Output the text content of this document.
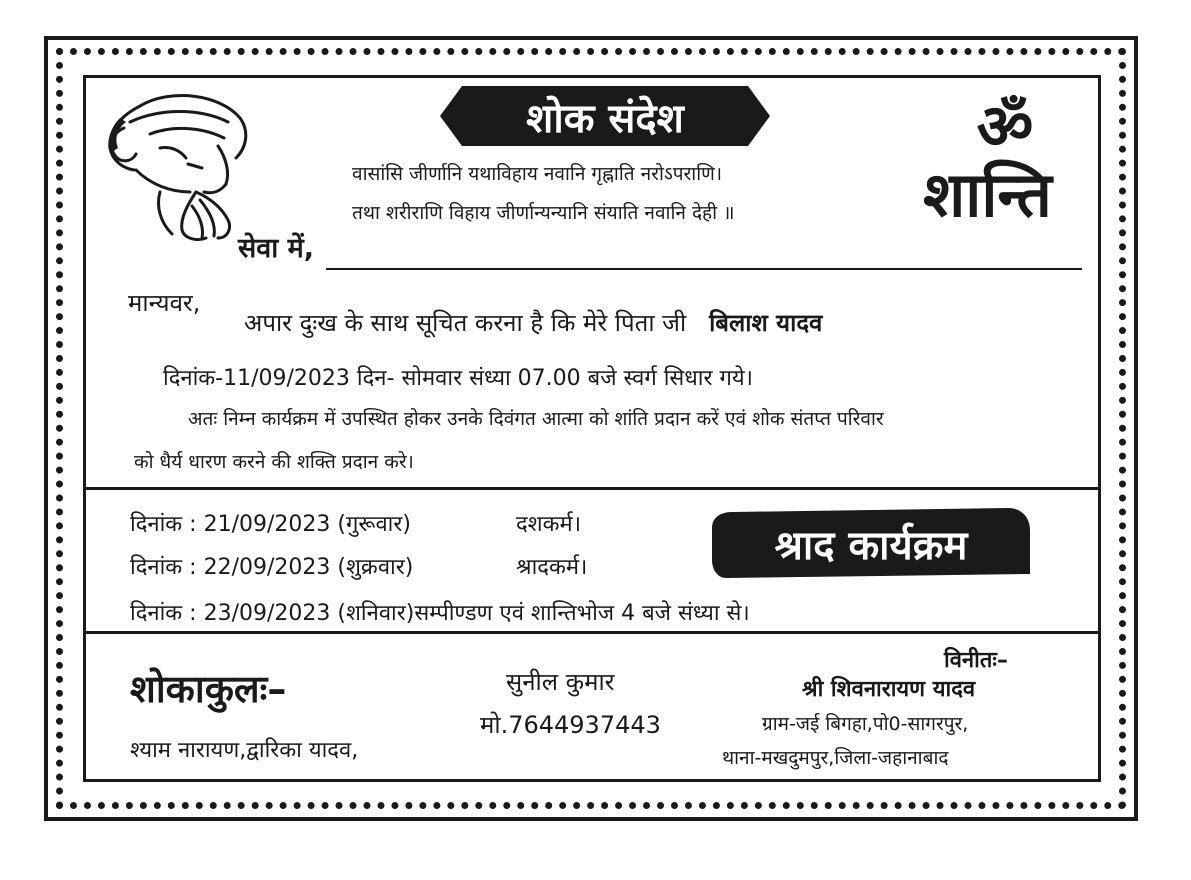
शोक संदेश
वासांसि जीर्णानि यथाविहाय नवानि गृह्नाति नरोऽपराणि।
तथा शरीराणि विहाय जीर्णान्यन्यानि संयाति नवानि देही ॥
ॐ
शान्ति
सेवा में,
मान्यवर,
अपार दुःख के साथ सूचित करना है कि मेरे पिता जी बिलाश यादव
दिनांक-11/09/2023 दिन- सोमवार संध्या 07.00 बजे स्वर्ग सिधार गये।
अतः निम्न कार्यक्रम में उपस्थित होकर उनके दिवंगत आत्मा को शांति प्रदान करें एवं शोक संतप्त परिवार
को धैर्य धारण करने की शक्ति प्रदान करे।
दिनांक : 21/09/2023 (गुरूवार)	दशकर्म।
दिनांक : 22/09/2023 (शुक्रवार)	श्रादकर्म।
दिनांक : 23/09/2023 (शनिवार)सम्पीण्डण एवं शान्तिभोज 4 बजे संध्या से।
श्राद कार्यक्रम
शोकाकुलः–
श्याम नारायण,द्वारिका यादव,
सुनील कुमार
मो.7644937443
विनीतः–
श्री शिवनारायण यादव
ग्राम-जई बिगहा,पो0-सागरपुर,
थाना-मखदुमपुर,जिला-जहानाबाद
